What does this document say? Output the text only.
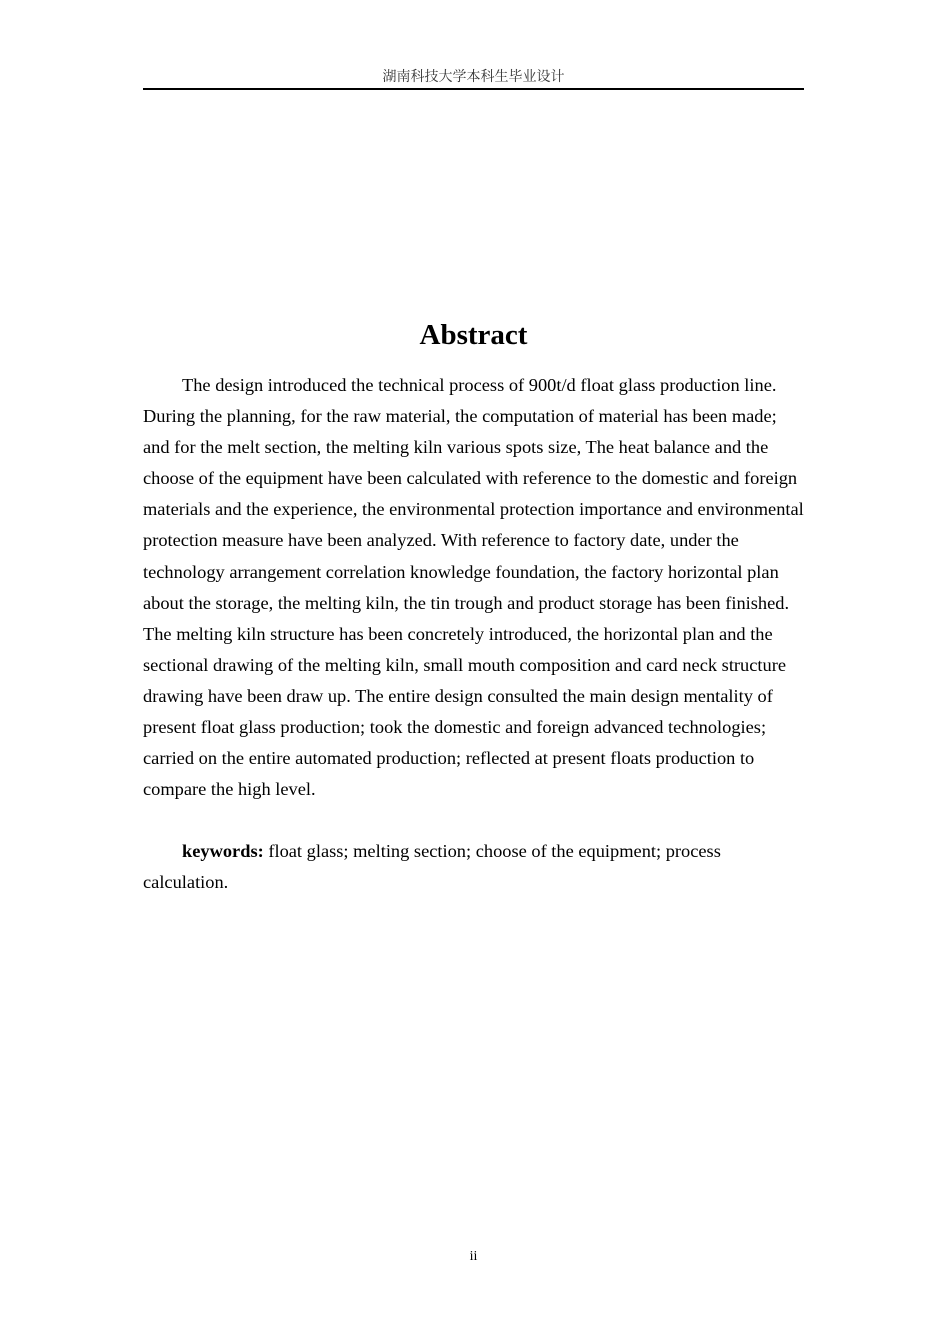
湖南科技大学本科生毕业设计
Abstract

The design introduced the technical process of 900t/d float glass production line. During the planning, for the raw material, the computation of material has been made; and for the melt section, the melting kiln various spots size, The heat balance and the choose of the equipment have been calculated with reference to the domestic and foreign materials and the experience, the environmental protection importance and environmental protection measure have been analyzed. With reference to factory date, under the technology arrangement correlation knowledge foundation, the factory horizontal plan about the storage, the melting kiln, the tin trough and product storage has been finished. The melting kiln structure has been concretely introduced, the horizontal plan and the sectional drawing of the melting kiln, small mouth composition and card neck structure drawing have been draw up. The entire design consulted the main design mentality of present float glass production; took the domestic and foreign advanced technologies; carried on the entire automated production; reflected at present floats production to compare the high level.

keywords: float glass; melting section; choose of the equipment; process calculation.

ii
